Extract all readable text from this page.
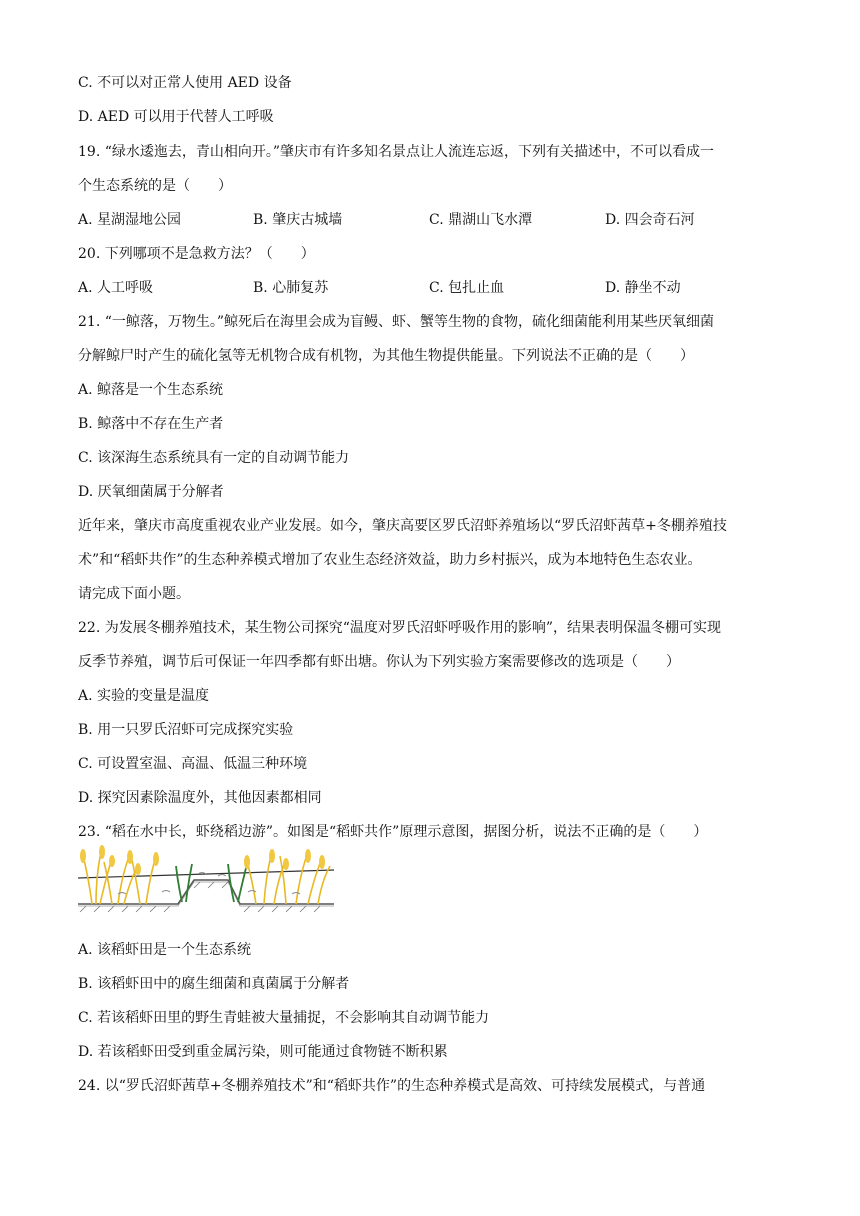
C. 不可以对正常人使用 AED 设备
D. AED 可以用于代替人工呼吸
19. “绿水逶迤去，青山相向开。”肇庆市有许多知名景点让人流连忘返，下列有关描述中，不可以看成一
个生态系统的是（　　）
A. 星湖湿地公园	B. 肇庆古城墙	C. 鼎湖山飞水潭	D. 四会奇石河
20. 下列哪项不是急救方法？（　　）
A. 人工呼吸	B. 心肺复苏	C. 包扎止血	D. 静坐不动
21. “一鲸落，万物生。”鲸死后在海里会成为盲鳗、虾、蟹等生物的食物，硫化细菌能利用某些厌氧细菌
分解鲸尸时产生的硫化氢等无机物合成有机物，为其他生物提供能量。下列说法不正确的是（　　）
A. 鲸落是一个生态系统
B. 鲸落中不存在生产者
C. 该深海生态系统具有一定的自动调节能力
D. 厌氧细菌属于分解者
近年来，肇庆市高度重视农业产业发展。如今，肇庆高要区罗氏沼虾养殖场以“罗氏沼虾茜草+冬棚养殖技
术”和“稻虾共作”的生态种养模式增加了农业生态经济效益，助力乡村振兴，成为本地特色生态农业。
请完成下面小题。
22. 为发展冬棚养殖技术，某生物公司探究“温度对罗氏沼虾呼吸作用的影响”，结果表明保温冬棚可实现
反季节养殖，调节后可保证一年四季都有虾出塘。你认为下列实验方案需要修改的选项是（　　）
A. 实验的变量是温度
B. 用一只罗氏沼虾可完成探究实验
C. 可设置室温、高温、低温三种环境
D. 探究因素除温度外，其他因素都相同
23. “稻在水中长，虾绕稻边游”。如图是“稻虾共作”原理示意图，据图分析，说法不正确的是（　　）
A. 该稻虾田是一个生态系统
B. 该稻虾田中的腐生细菌和真菌属于分解者
C. 若该稻虾田里的野生青蛙被大量捕捉，不会影响其自动调节能力
D. 若该稻虾田受到重金属污染，则可能通过食物链不断积累
24. 以“罗氏沼虾茜草+冬棚养殖技术”和“稻虾共作”的生态种养模式是高效、可持续发展模式，与普通
